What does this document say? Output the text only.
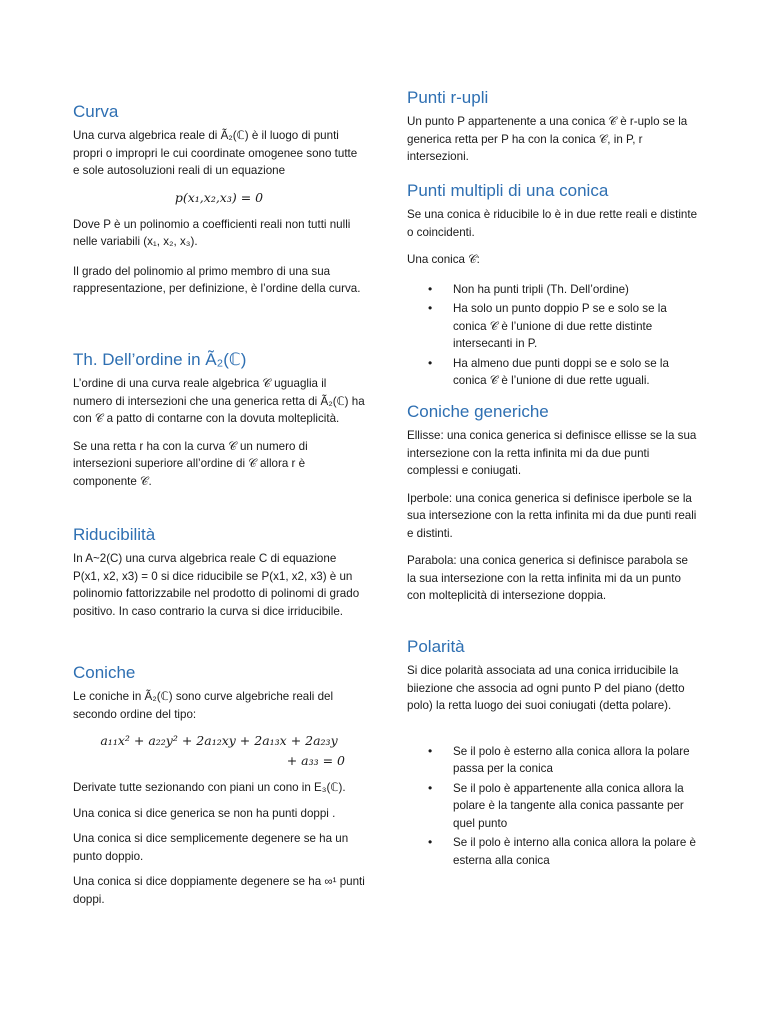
Curva

Una curva algebrica reale di Ã₂(ℂ) è il luogo di punti propri o impropri le cui coordinate omogenee sono tutte e sole autosoluzioni reali di un equazione

p(x₁,x₂,x₃) = 0

Dove P è un polinomio a coefficienti reali non tutti nulli nelle variabili (x₁, x₂, x₃).

Il grado del polinomio al primo membro di una sua rappresentazione, per definizione, è l’ordine della curva.

Th. Dell’ordine in Ã₂(ℂ)

L’ordine di una curva reale algebrica 𝒞 uguaglia il numero di intersezioni che una generica retta di Ã₂(ℂ) ha con 𝒞 a patto di contarne con la dovuta molteplicità.

Se una retta r ha con la curva 𝒞 un numero di intersezioni superiore all’ordine di 𝒞 allora r è componente 𝒞.

Riducibilità

In A~2(C) una curva algebrica reale C di equazione P(x1, x2, x3) = 0 si dice riducibile se P(x1, x2, x3) è un polinomio fattorizzabile nel prodotto di polinomi di grado positivo. In caso contrario la curva si dice irriducibile.

Coniche

Le coniche in Ã₂(ℂ) sono curve algebriche reali del secondo ordine del tipo:

a₁₁x² + a₂₂y² + 2a₁₂xy + 2a₁₃x + 2a₂₃y
+ a₃₃ = 0

Derivate tutte sezionando con piani un cono in E₃(ℂ).

Una conica si dice generica se non ha punti doppi .

Una conica si dice semplicemente degenere se ha un punto doppio.

Una conica si dice doppiamente degenere se ha ∞¹ punti doppi.

Punti r-upli

Un punto P appartenente a una conica 𝒞 è r-uplo se la generica retta per P ha con la conica 𝒞, in P, r intersezioni.

Punti multipli di una conica

Se una conica è riducibile lo è in due rette reali e distinte o coincidenti.

Una conica 𝒞:

• Non ha punti tripli (Th. Dell’ordine)
• Ha solo un punto doppio P se e solo se la conica 𝒞 è l’unione di due rette distinte intersecanti in P.
• Ha almeno due punti doppi se e solo se la conica 𝒞 è l’unione di due rette uguali.
Coniche generiche

Ellisse: una conica generica si definisce ellisse se la sua intersezione con la retta infinita mi da due punti complessi e coniugati.

Iperbole: una conica generica si definisce iperbole se la sua intersezione con la retta infinita mi da due punti reali e distinti.

Parabola: una conica generica si definisce parabola se la sua intersezione con la retta infinita mi da un punto con molteplicità di intersezione doppia.

Polarità

Si dice polarità associata ad una conica irriducibile la biiezione che associa ad ogni punto P del piano (detto polo) la retta luogo dei suoi coniugati (detta polare).

• Se il polo è esterno alla conica allora la polare passa per la conica
• Se il polo è appartenente alla conica allora la polare è la tangente alla conica passante per quel punto
• Se il polo è interno alla conica allora la polare è esterna alla conica
